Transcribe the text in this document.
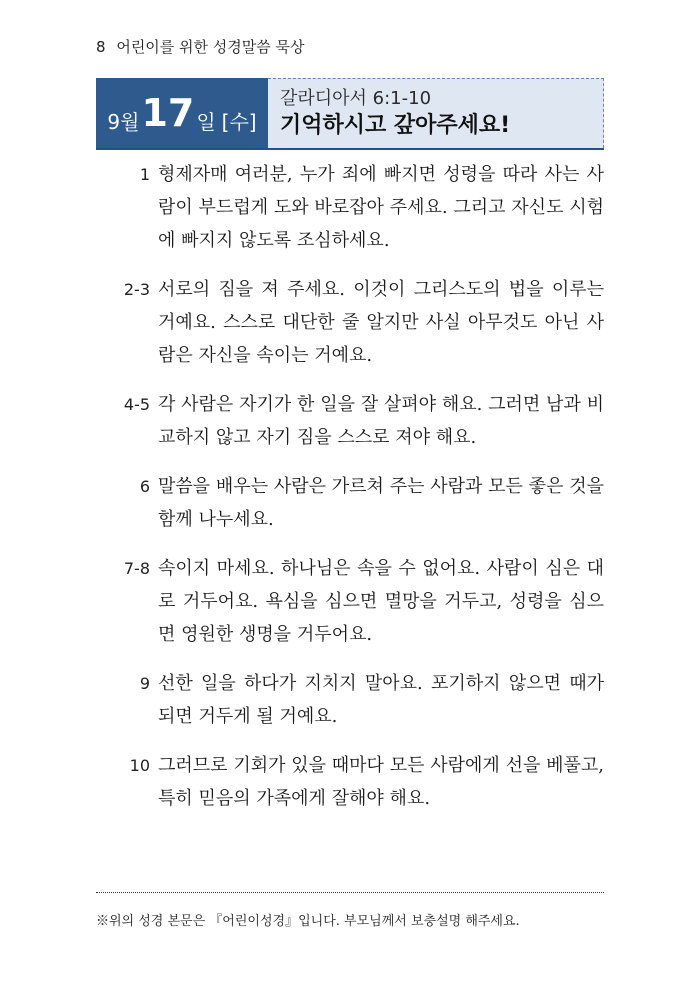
8 어린이를 위한 성경말씀 묵상
9월 17 일 [수]
갈라디아서 6:1-10
기억하시고 갚아주세요!
1 형제자매 여러분, 누가 죄에 빠지면 성령을 따라 사는 사람이 부드럽게 도와 바로잡아 주세요. 그리고 자신도 시험에 빠지지 않도록 조심하세요.
2-3 서로의 짐을 져 주세요. 이것이 그리스도의 법을 이루는 거예요. 스스로 대단한 줄 알지만 사실 아무것도 아닌 사람은 자신을 속이는 거예요.
4-5 각 사람은 자기가 한 일을 잘 살펴야 해요. 그러면 남과 비교하지 않고 자기 짐을 스스로 져야 해요.
6 말씀을 배우는 사람은 가르쳐 주는 사람과 모든 좋은 것을 함께 나누세요.
7-8 속이지 마세요. 하나님은 속을 수 없어요. 사람이 심은 대로 거두어요. 욕심을 심으면 멸망을 거두고, 성령을 심으면 영원한 생명을 거두어요.
9 선한 일을 하다가 지치지 말아요. 포기하지 않으면 때가 되면 거두게 될 거예요.
10 그러므로 기회가 있을 때마다 모든 사람에게 선을 베풀고, 특히 믿음의 가족에게 잘해야 해요.
※위의 성경 본문은 『어린이성경』입니다. 부모님께서 보충설명 해주세요.
